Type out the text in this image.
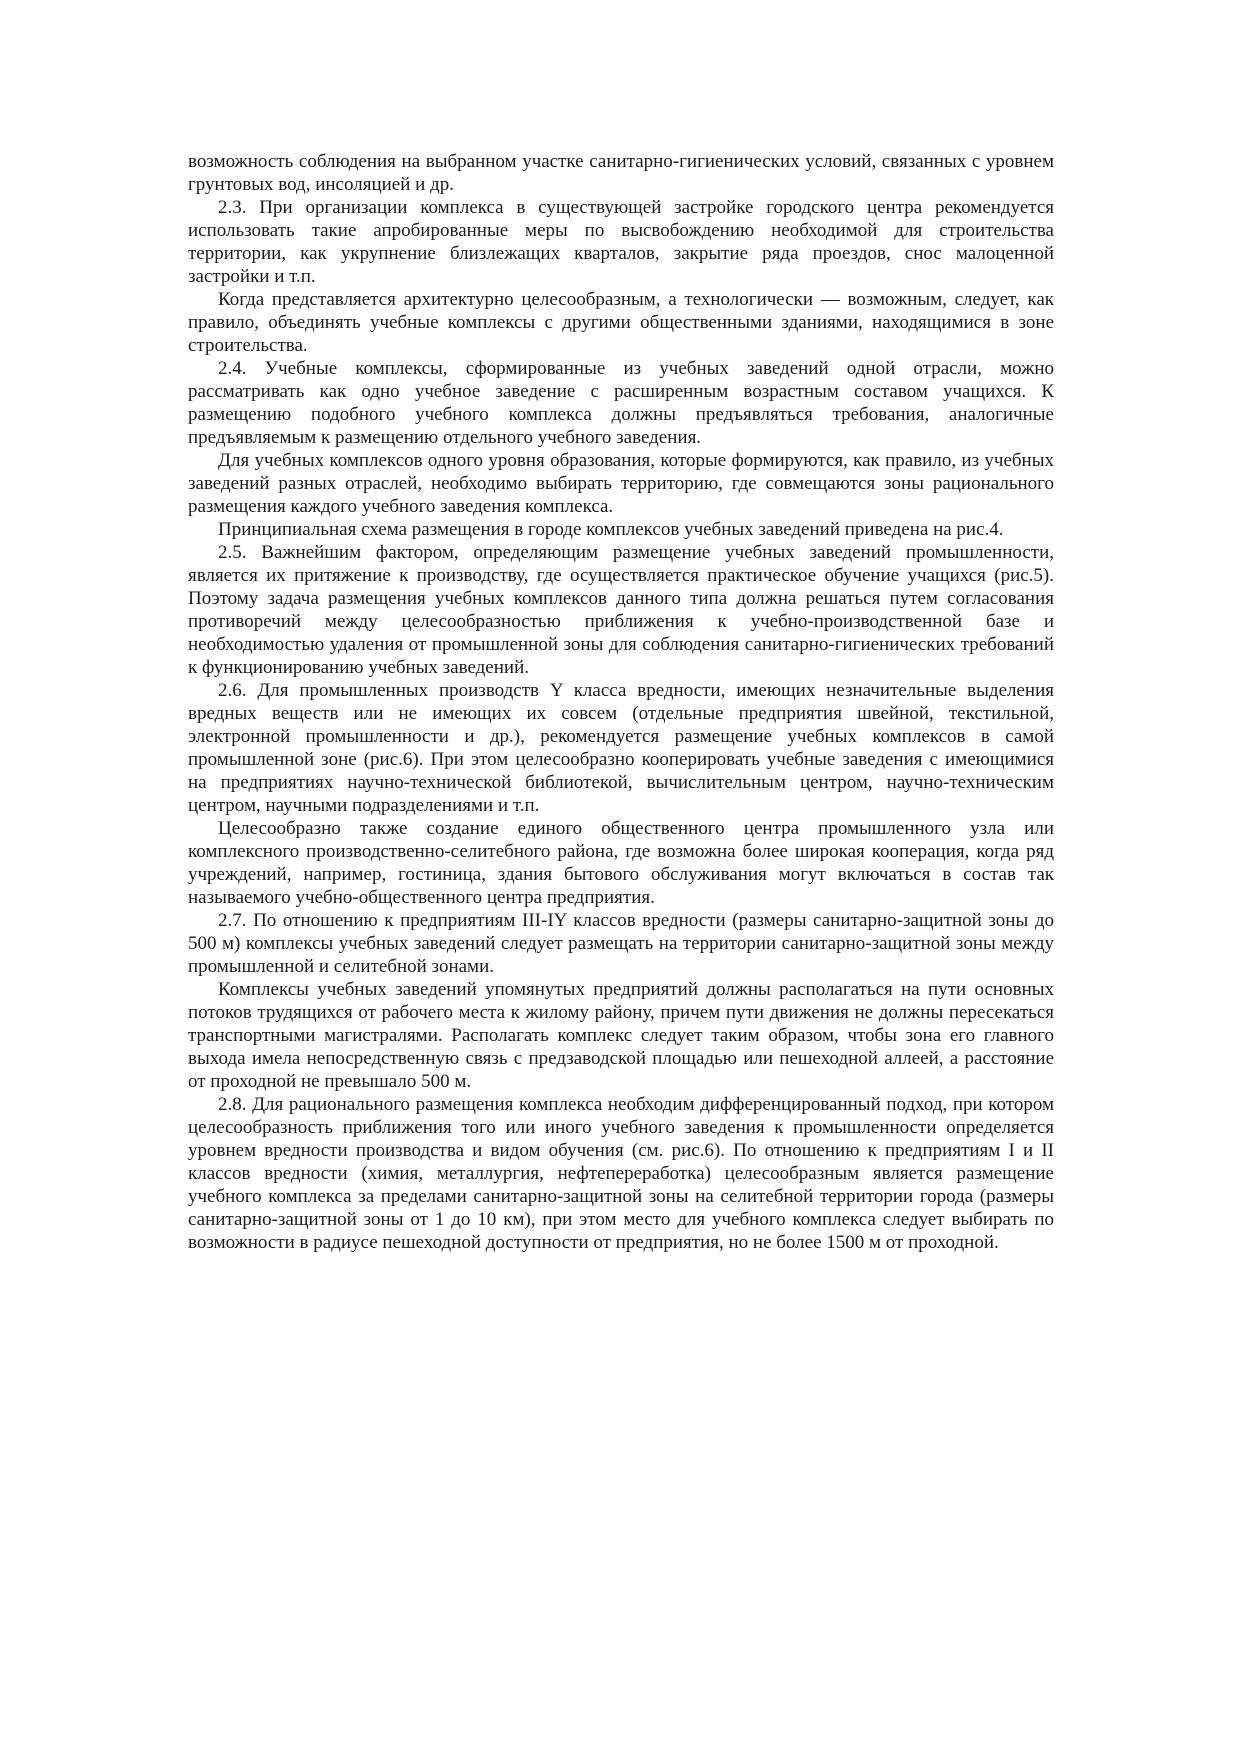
возможность соблюдения на выбранном участке санитарно-гигиенических условий, связанных с уровнем грунтовых вод, инсоляцией и др.

2.3. При организации комплекса в существующей застройке городского центра рекомендуется использовать такие апробированные меры по высвобождению необходимой для строительства территории, как укрупнение близлежащих кварталов, закрытие ряда проездов, снос малоценной застройки и т.п.

Когда представляется архитектурно целесообразным, а технологически — возможным, следует, как правило, объединять учебные комплексы с другими общественными зданиями, находящимися в зоне строительства.

2.4. Учебные комплексы, сформированные из учебных заведений одной отрасли, можно рассматривать как одно учебное заведение с расширенным возрастным составом учащихся. К размещению подобного учебного комплекса должны предъявляться требования, аналогичные предъявляемым к размещению отдельного учебного заведения.

Для учебных комплексов одного уровня образования, которые формируются, как правило, из учебных заведений разных отраслей, необходимо выбирать территорию, где совмещаются зоны рационального размещения каждого учебного заведения комплекса.

Принципиальная схема размещения в городе комплексов учебных заведений приведена на рис.4.

2.5. Важнейшим фактором, определяющим размещение учебных заведений промышленности, является их притяжение к производству, где осуществляется практическое обучение учащихся (рис.5). Поэтому задача размещения учебных комплексов данного типа должна решаться путем согласования противоречий между целесообразностью приближения к учебно-производственной базе и необходимостью удаления от промышленной зоны для соблюдения санитарно-гигиенических требований к функционированию учебных заведений.

2.6. Для промышленных производств Y класса вредности, имеющих незначительные выделения вредных веществ или не имеющих их совсем (отдельные предприятия швейной, текстильной, электронной промышленности и др.), рекомендуется размещение учебных комплексов в самой промышленной зоне (рис.6). При этом целесообразно кооперировать учебные заведения с имеющимися на предприятиях научно-технической библиотекой, вычислительным центром, научно-техническим центром, научными подразделениями и т.п.

Целесообразно также создание единого общественного центра промышленного узла или комплексного производственно-селитебного района, где возможна более широкая кооперация, когда ряд учреждений, например, гостиница, здания бытового обслуживания могут включаться в состав так называемого учебно-общественного центра предприятия.

2.7. По отношению к предприятиям III-IY классов вредности (размеры санитарно-защитной зоны до 500 м) комплексы учебных заведений следует размещать на территории санитарно-защитной зоны между промышленной и селитебной зонами.

Комплексы учебных заведений упомянутых предприятий должны располагаться на пути основных потоков трудящихся от рабочего места к жилому району, причем пути движения не должны пересекаться транспортными магистралями. Располагать комплекс следует таким образом, чтобы зона его главного выхода имела непосредственную связь с предзаводской площадью или пешеходной аллеей, а расстояние от проходной не превышало 500 м.

2.8. Для рационального размещения комплекса необходим дифференцированный подход, при котором целесообразность приближения того или иного учебного заведения к промышленности определяется уровнем вредности производства и видом обучения (см. рис.6). По отношению к предприятиям I и II классов вредности (химия, металлургия, нефтепереработка) целесообразным является размещение учебного комплекса за пределами санитарно-защитной зоны на селитебной территории города (размеры санитарно-защитной зоны от 1 до 10 км), при этом место для учебного комплекса следует выбирать по возможности в радиусе пешеходной доступности от предприятия, но не более 1500 м от проходной.
